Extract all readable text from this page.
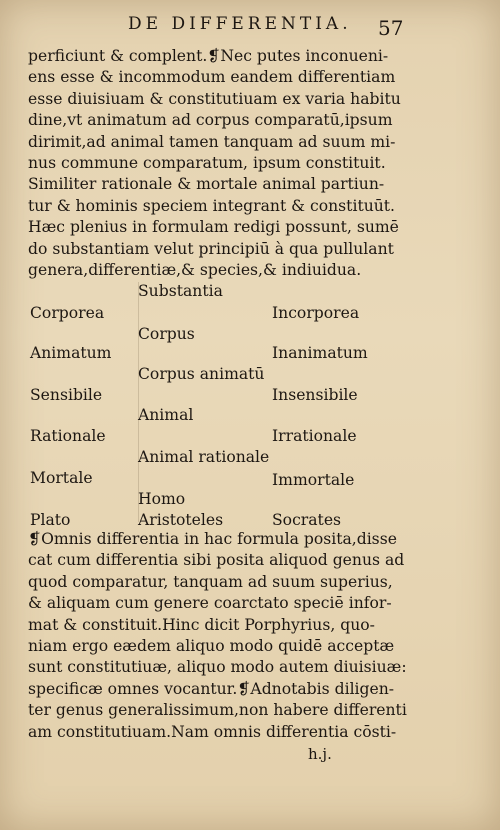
DE DIFFERENTIA. 57
perficiunt & complent.❡Nec putes inconueni-
ens esse & incommodum eandem differentiam
esse diuisiuam & constitutiuam ex varia habitu
dine,vt animatum ad corpus comparatū,ipsum
dirimit,ad animal tamen tanquam ad suum mi-
nus commune comparatum, ipsum constituit.
Similiter rationale & mortale animal partiun-
tur & hominis speciem integrant & constituūt.
Hæc plenius in formulam redigi possunt, sumē
do substantiam velut principiū à qua pullulant
genera,differentiæ,& species,& indiuidua.
Substantia
Corporea	Incorporea
Corpus
Animatum	Inanimatum
Corpus animatū
Sensibile	Insensibile
Animal
Rationale	Irrationale
Animal rationale
Mortale	Immortale
Homo
Plato	Aristoteles	Socrates
❡Omnis differentia in hac formula posita,disse
cat cum differentia sibi posita aliquod genus ad
quod comparatur, tanquam ad suum superius,
& aliquam cum genere coarctato speciē infor-
mat & constituit.Hinc dicit Porphyrius, quo-
niam ergo eædem aliquo modo quidē acceptæ
sunt constitutiuæ, aliquo modo autem diuisiuæ:
specificæ omnes vocantur.❡Adnotabis diligen-
ter genus generalissimum,non habere differenti
am constitutiuam.Nam omnis differentia cōsti-
h.j.
